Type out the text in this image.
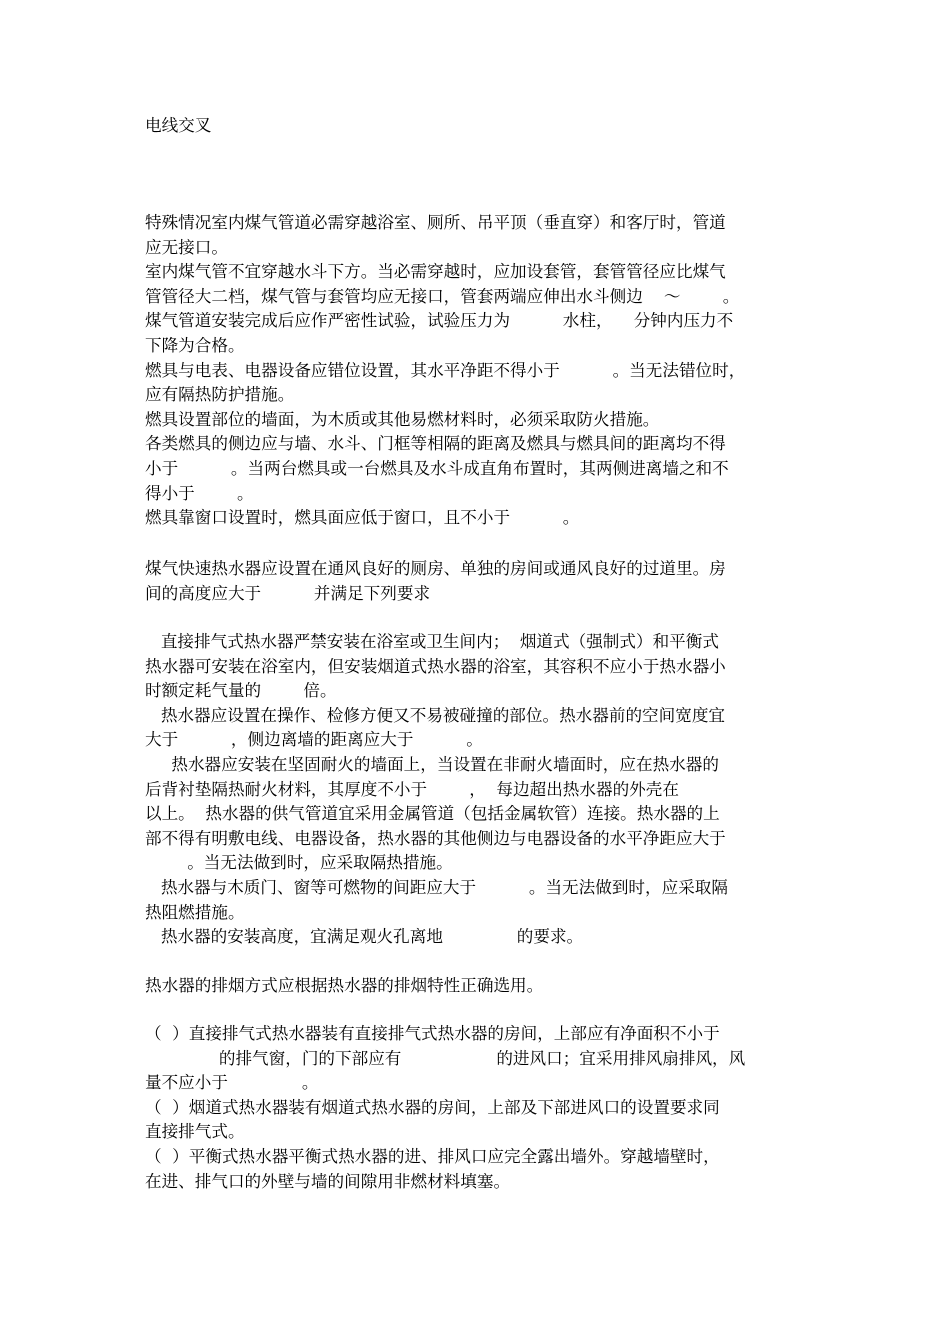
电线交叉
特殊情况室内煤气管道必需穿越浴室、厕所、吊平顶（垂直穿）和客厅时，管道
应无接口。
室内煤气管不宜穿越水斗下方。当必需穿越时，应加设套管，套管管径应比煤气
管管径大二档，煤气管与套管均应无接口，管套两端应伸出水斗侧边    ～        。
煤气管道安装完成后应作严密性试验，试验压力为          水柱，    分钟内压力不
下降为合格。
燃具与电表、电器设备应错位设置，其水平净距不得小于          。当无法错位时，
应有隔热防护措施。
燃具设置部位的墙面，为木质或其他易燃材料时，必须采取防火措施。
各类燃具的侧边应与墙、水斗、门框等相隔的距离及燃具与燃具间的距离均不得
小于          。当两台燃具或一台燃具及水斗成直角布置时，其两侧进离墙之和不
得小于        。
燃具靠窗口设置时，燃具面应低于窗口，且不小于          。
煤气快速热水器应设置在通风良好的厕房、单独的房间或通风良好的过道里。房
间的高度应大于          并满足下列要求
直接排气式热水器严禁安装在浴室或卫生间内；  烟道式（强制式）和平衡式
热水器可安装在浴室内，但安装烟道式热水器的浴室，其容积不应小于热水器小
时额定耗气量的        倍。
热水器应设置在操作、检修方便又不易被碰撞的部位。热水器前的空间宽度宜
大于          ，侧边离墙的距离应大于          。
热水器应安装在坚固耐火的墙面上，当设置在非耐火墙面时，应在热水器的
后背衬垫隔热耐火材料，其厚度不小于        ，  每边超出热水器的外壳在
以上。  热水器的供气管道宜采用金属管道（包括金属软管）连接。热水器的上
部不得有明敷电线、电器设备，热水器的其他侧边与电器设备的水平净距应大于
。当无法做到时，应采取隔热措施。
热水器与木质门、窗等可燃物的间距应大于          。当无法做到时，应采取隔
热阻燃措施。
热水器的安装高度，宜满足观火孔离地              的要求。
热水器的排烟方式应根据热水器的排烟特性正确选用。
（  ）直接排气式热水器装有直接排气式热水器的房间，上部应有净面积不小于
的排气窗，门的下部应有                  的进风口；宜采用排风扇排风，风
量不应小于              。
（  ）烟道式热水器装有烟道式热水器的房间，上部及下部进风口的设置要求同
直接排气式。
（  ）平衡式热水器平衡式热水器的进、排风口应完全露出墙外。穿越墙壁时，
在进、排气口的外壁与墙的间隙用非燃材料填塞。
